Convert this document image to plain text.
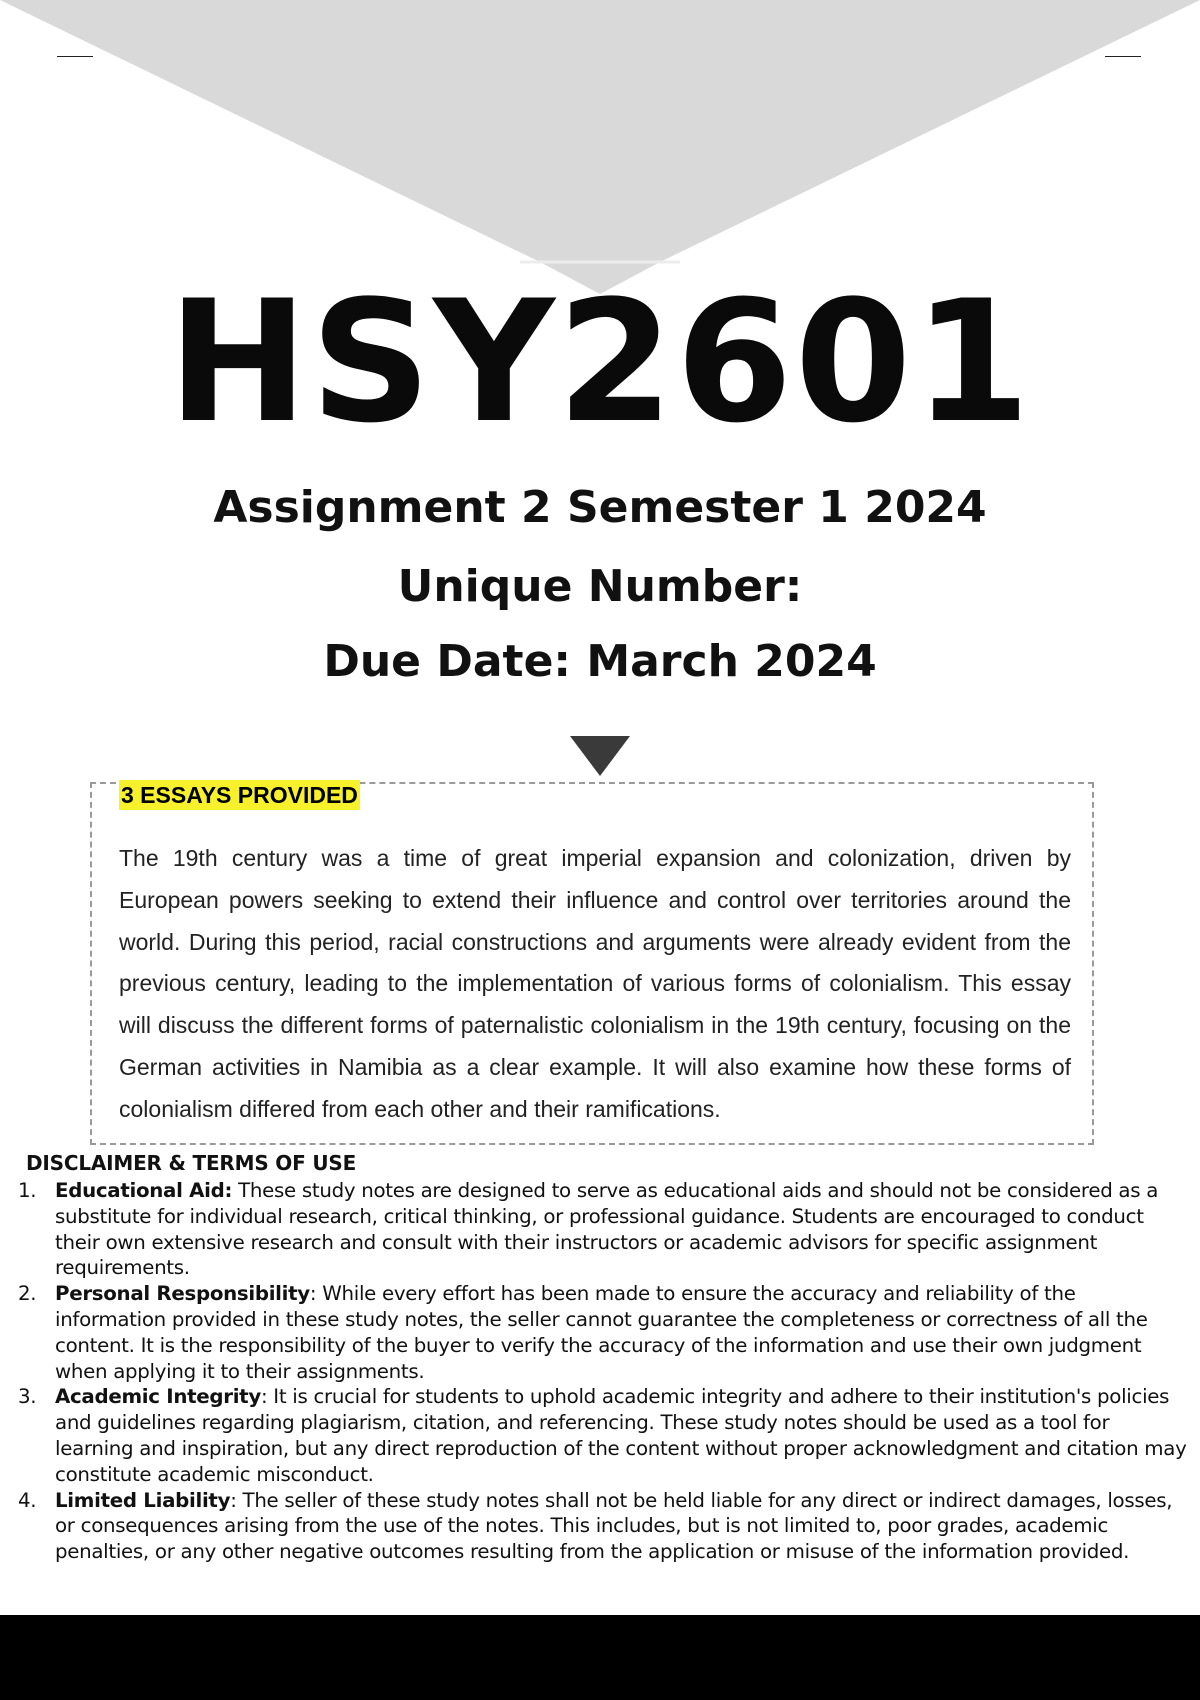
HSY2601
Assignment 2 Semester 1 2024
Unique Number:
Due Date: March 2024
3 ESSAYS PROVIDED

The 19th century was a time of great imperial expansion and colonization, driven by European powers seeking to extend their influence and control over territories around the world. During this period, racial constructions and arguments were already evident from the previous century, leading to the implementation of various forms of colonialism. This essay will discuss the different forms of paternalistic colonialism in the 19th century, focusing on the German activities in Namibia as a clear example. It will also examine how these forms of colonialism differed from each other and their ramifications.

DISCLAIMER & TERMS OF USE
1. Educational Aid: These study notes are designed to serve as educational aids and should not be considered as a substitute for individual research, critical thinking, or professional guidance. Students are encouraged to conduct their own extensive research and consult with their instructors or academic advisors for specific assignment requirements.
2. Personal Responsibility: While every effort has been made to ensure the accuracy and reliability of the information provided in these study notes, the seller cannot guarantee the completeness or correctness of all the content. It is the responsibility of the buyer to verify the accuracy of the information and use their own judgment when applying it to their assignments.
3. Academic Integrity: It is crucial for students to uphold academic integrity and adhere to their institution's policies and guidelines regarding plagiarism, citation, and referencing. These study notes should be used as a tool for learning and inspiration, but any direct reproduction of the content without proper acknowledgment and citation may constitute academic misconduct.
4. Limited Liability: The seller of these study notes shall not be held liable for any direct or indirect damages, losses, or consequences arising from the use of the notes. This includes, but is not limited to, poor grades, academic penalties, or any other negative outcomes resulting from the application or misuse of the information provided.
